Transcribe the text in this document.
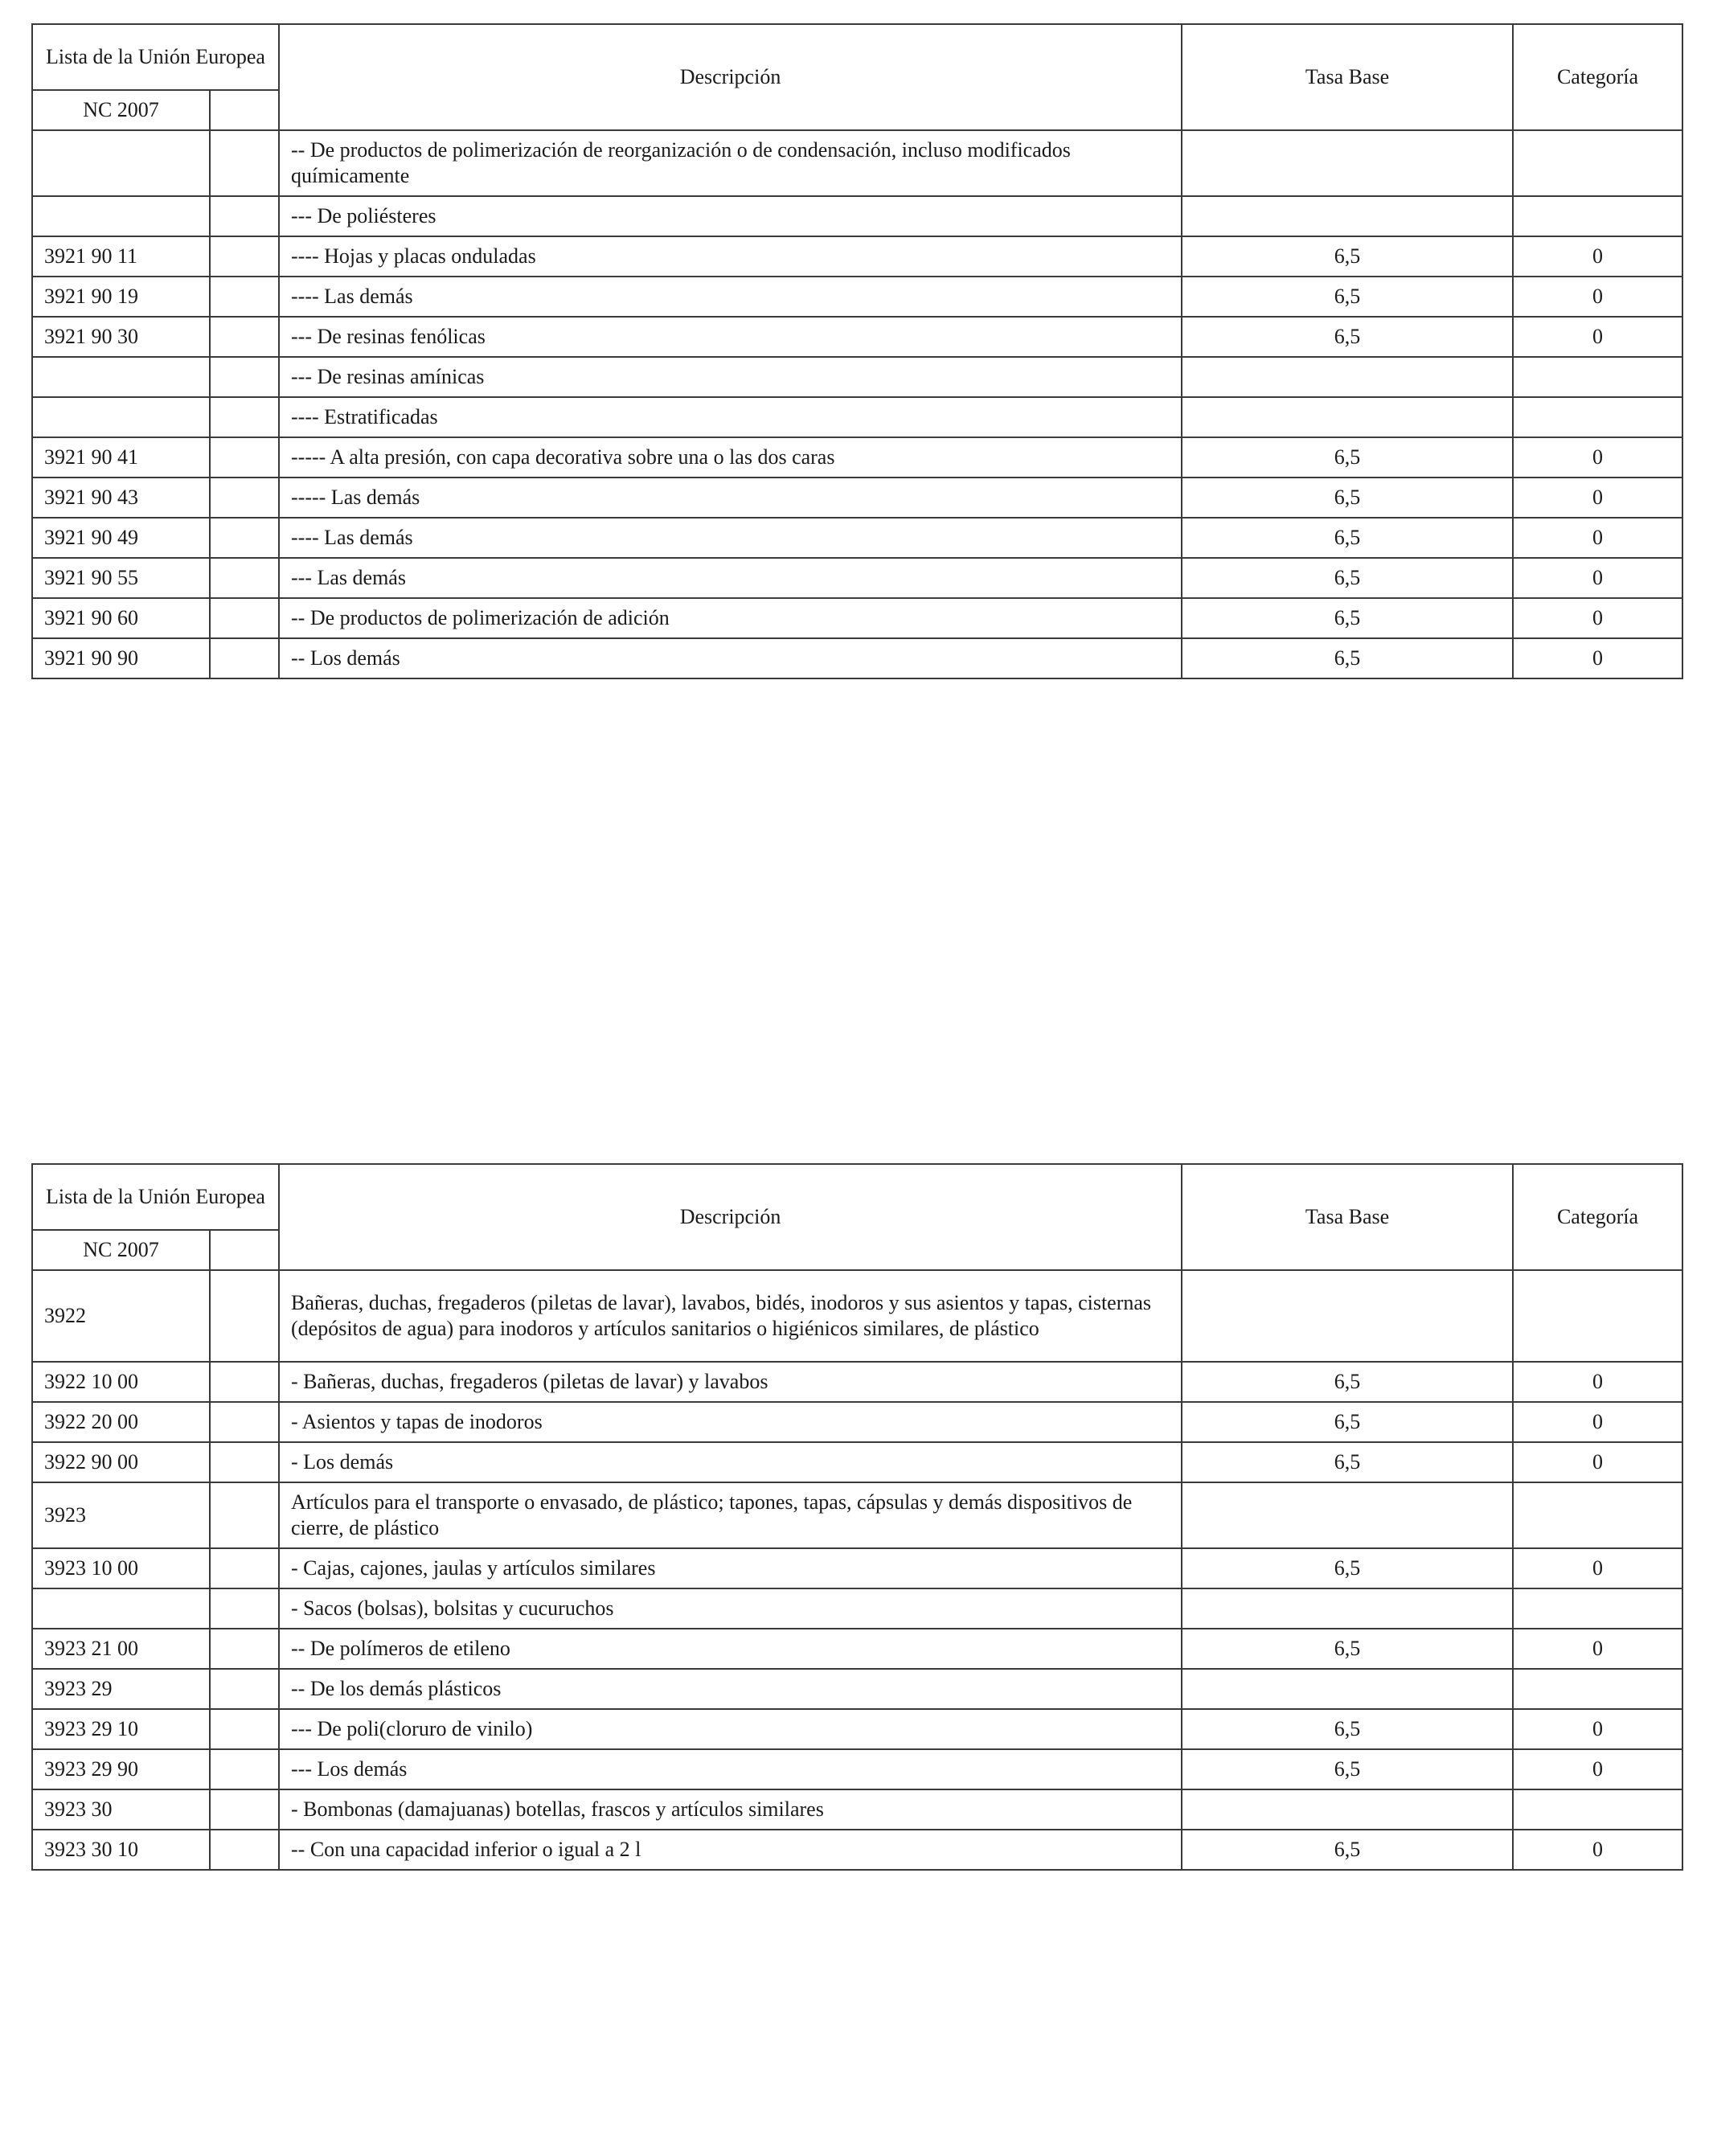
Lista de la Unión Europea		Descripción	Tasa Base	Categoría
NC 2007				
		-- De productos de polimerización de reorganización o de condensación, incluso modificados químicamente		
		--- De poliésteres		
3921 90 11		---- Hojas y placas onduladas	6,5	0
3921 90 19		---- Las demás	6,5	0
3921 90 30		--- De resinas fenólicas	6,5	0
		--- De resinas amínicas		
		---- Estratificadas		
3921 90 41		----- A alta presión, con capa decorativa sobre una o las dos caras	6,5	0
3921 90 43		----- Las demás	6,5	0
3921 90 49		---- Las demás	6,5	0
3921 90 55		--- Las demás	6,5	0
3921 90 60		-- De productos de polimerización de adición	6,5	0
3921 90 90		-- Los demás	6,5	0
Lista de la Unión Europea		Descripción	Tasa Base	Categoría
NC 2007				
3922		Bañeras, duchas, fregaderos (piletas de lavar), lavabos, bidés, inodoros y sus asientos y tapas, cisternas (depósitos de agua) para inodoros y artículos sanitarios o higiénicos similares, de plástico		
3922 10 00		- Bañeras, duchas, fregaderos (piletas de lavar) y lavabos	6,5	0
3922 20 00		- Asientos y tapas de inodoros	6,5	0
3922 90 00		- Los demás	6,5	0
3923		Artículos para el transporte o envasado, de plástico; tapones, tapas, cápsulas y demás dispositivos de cierre, de plástico		
3923 10 00		- Cajas, cajones, jaulas y artículos similares	6,5	0
		- Sacos (bolsas), bolsitas y cucuruchos		
3923 21 00		-- De polímeros de etileno	6,5	0
3923 29		-- De los demás plásticos		
3923 29 10		--- De poli(cloruro de vinilo)	6,5	0
3923 29 90		--- Los demás	6,5	0
3923 30		- Bombonas (damajuanas) botellas, frascos y artículos similares		
3923 30 10		-- Con una capacidad inferior o igual a 2 l	6,5	0
